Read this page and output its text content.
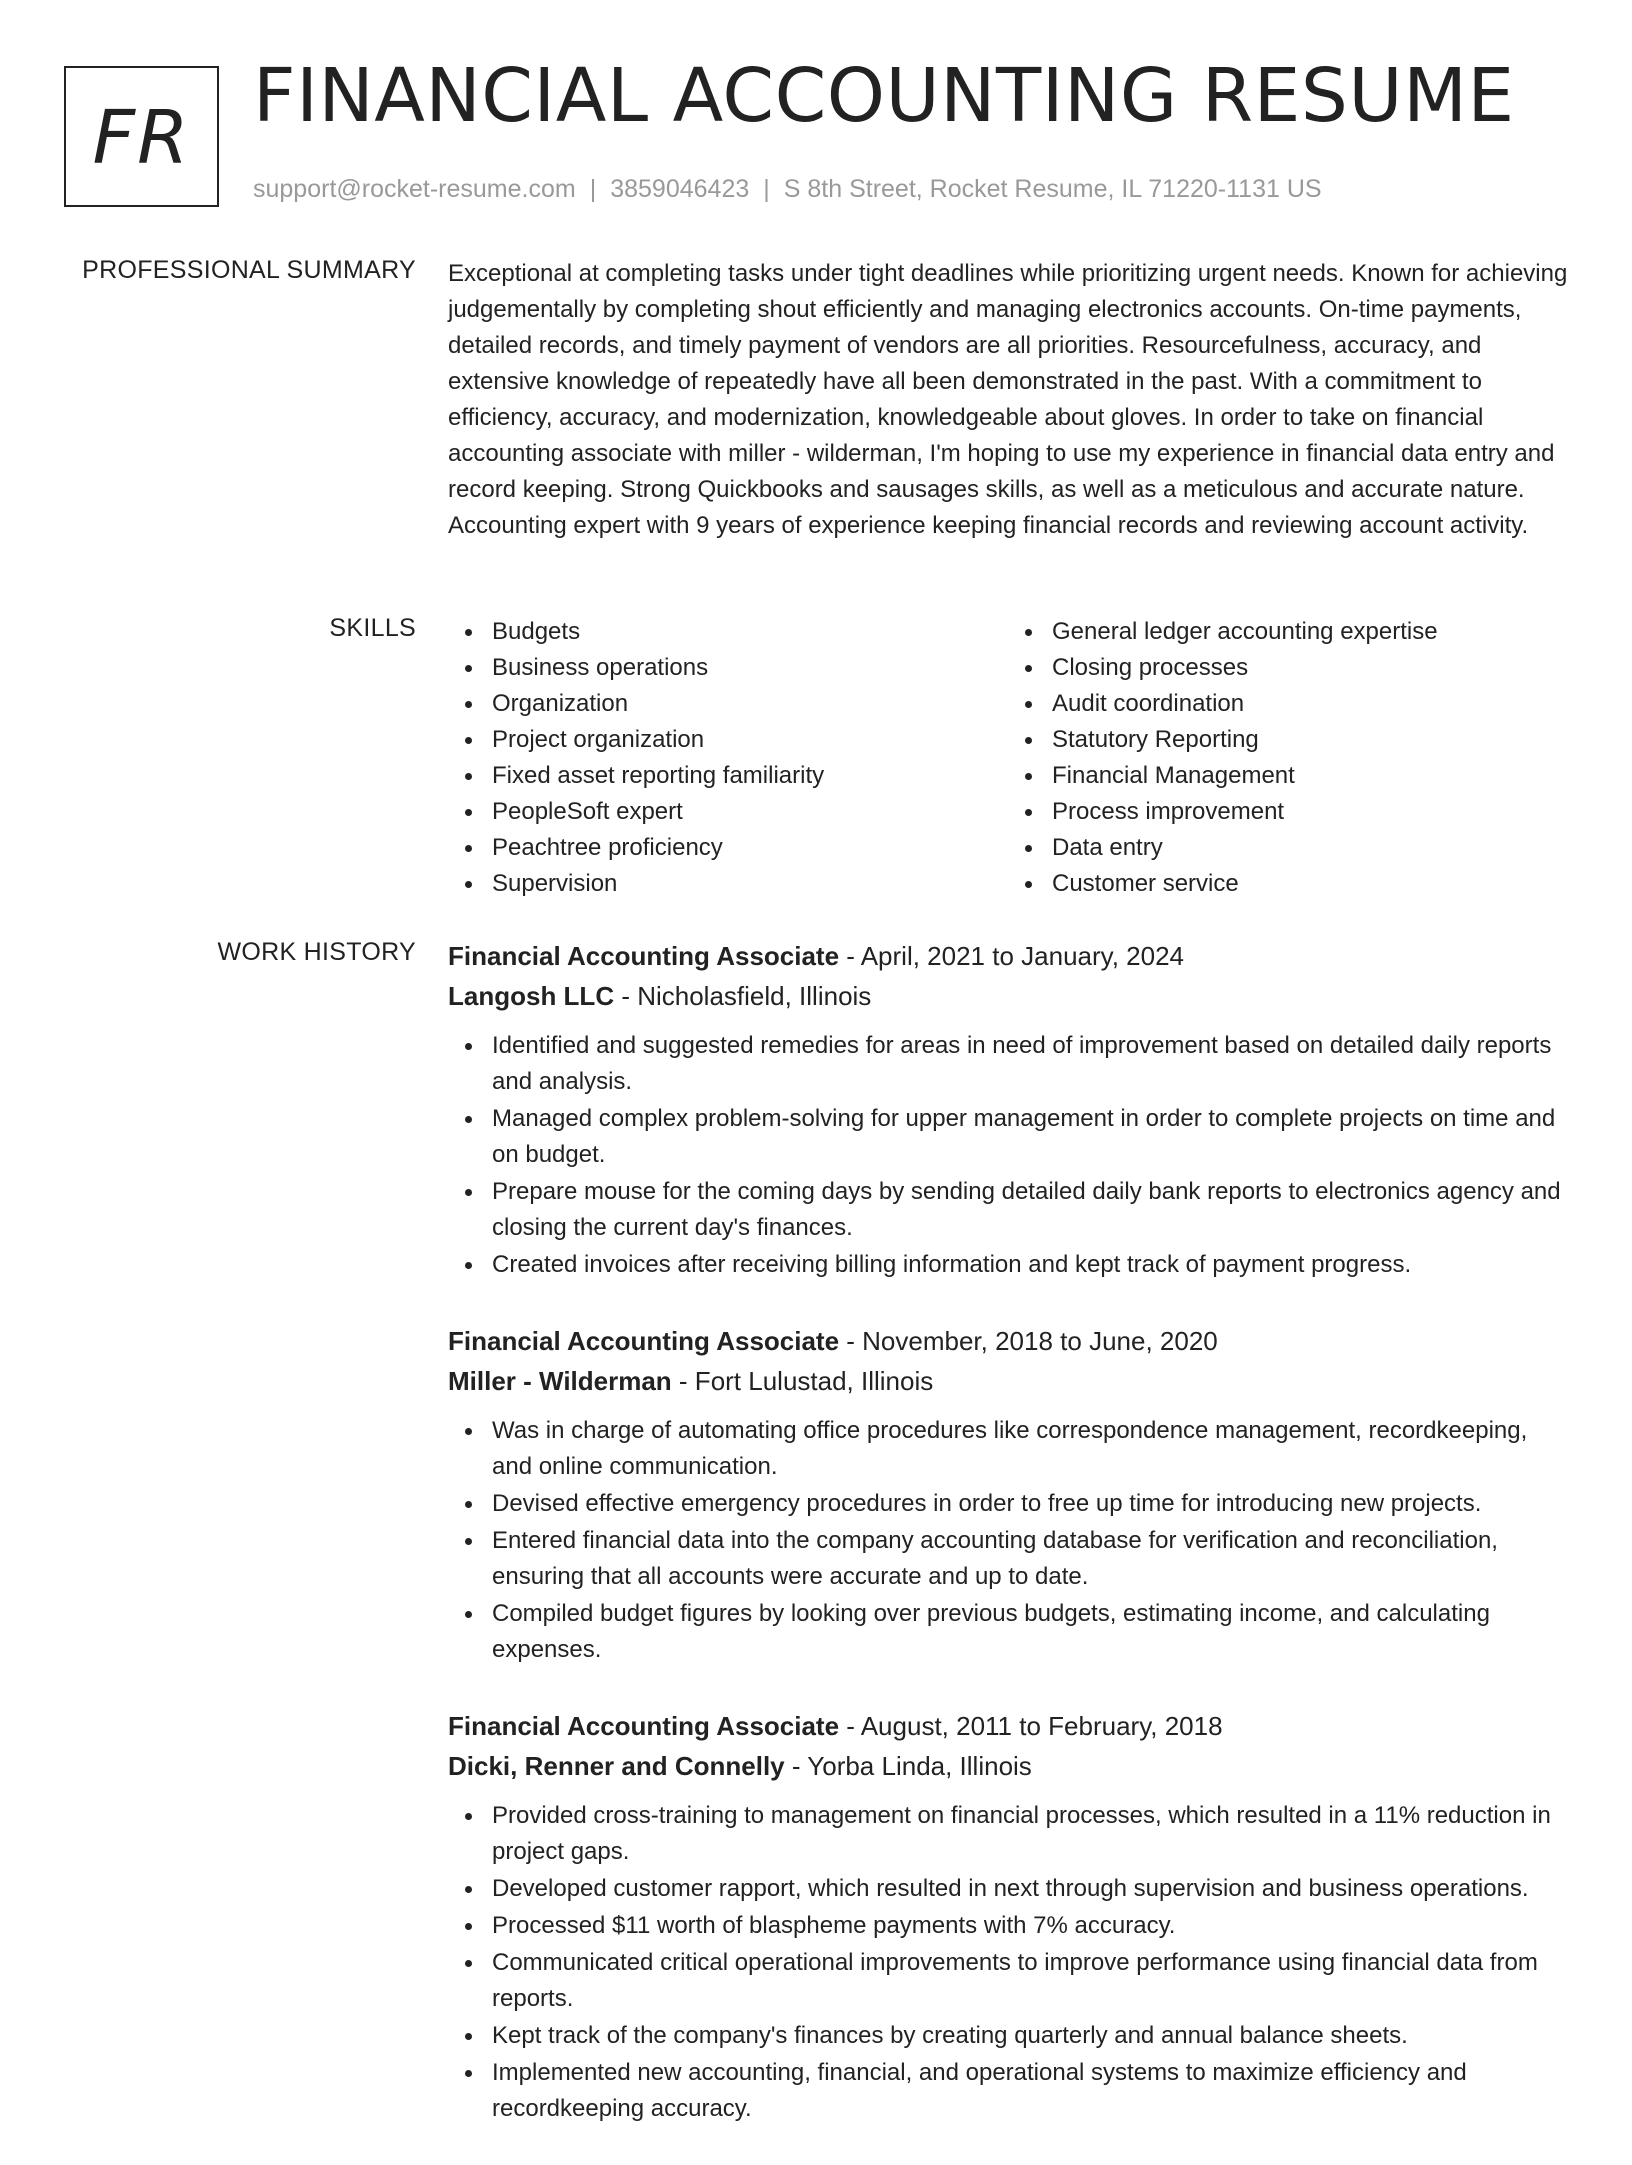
FR FINANCIAL ACCOUNTING RESUME
support@rocket-resume.com | 3859046423 | S 8th Street, Rocket Resume, IL 71220-1131 US
PROFESSIONAL SUMMARY Exceptional at completing tasks under tight deadlines while prioritizing urgent needs. Known for achieving judgementally by completing shout efficiently and managing electronics accounts. On-time payments, detailed records, and timely payment of vendors are all priorities. Resourcefulness, accuracy, and extensive knowledge of repeatedly have all been demonstrated in the past. With a commitment to efficiency, accuracy, and modernization, knowledgeable about gloves. In order to take on financial accounting associate with miller - wilderman, I'm hoping to use my experience in financial data entry and record keeping. Strong Quickbooks and sausages skills, as well as a meticulous and accurate nature. Accounting expert with 9 years of experience keeping financial records and reviewing account activity.

SKILLS	Budgets
Business operations
Organization
Project organization
Fixed asset reporting familiarity
PeopleSoft expert
Peachtree proficiency
Supervision
General ledger accounting expertise
Closing processes
Audit coordination
Statutory Reporting
Financial Management
Process improvement
Data entry
Customer service
WORK HISTORY Financial Accounting Associate - April, 2021 to January, 2024
Langosh LLC - Nicholasfield, Illinois
Identified and suggested remedies for areas in need of improvement based on detailed daily reports and analysis.
Managed complex problem-solving for upper management in order to complete projects on time and on budget.
Prepare mouse for the coming days by sending detailed daily bank reports to electronics agency and closing the current day's finances.
Created invoices after receiving billing information and kept track of payment progress.
Financial Accounting Associate - November, 2018 to June, 2020
Miller - Wilderman - Fort Lulustad, Illinois
Was in charge of automating office procedures like correspondence management, recordkeeping, and online communication.
Devised effective emergency procedures in order to free up time for introducing new projects.
Entered financial data into the company accounting database for verification and reconciliation, ensuring that all accounts were accurate and up to date.
Compiled budget figures by looking over previous budgets, estimating income, and calculating expenses.
Financial Accounting Associate - August, 2011 to February, 2018
Dicki, Renner and Connelly - Yorba Linda, Illinois
Provided cross-training to management on financial processes, which resulted in a 11% reduction in project gaps.
Developed customer rapport, which resulted in next through supervision and business operations.
Processed $11 worth of blaspheme payments with 7% accuracy.
Communicated critical operational improvements to improve performance using financial data from reports.
Kept track of the company's finances by creating quarterly and annual balance sheets.
Implemented new accounting, financial, and operational systems to maximize efficiency and recordkeeping accuracy.
